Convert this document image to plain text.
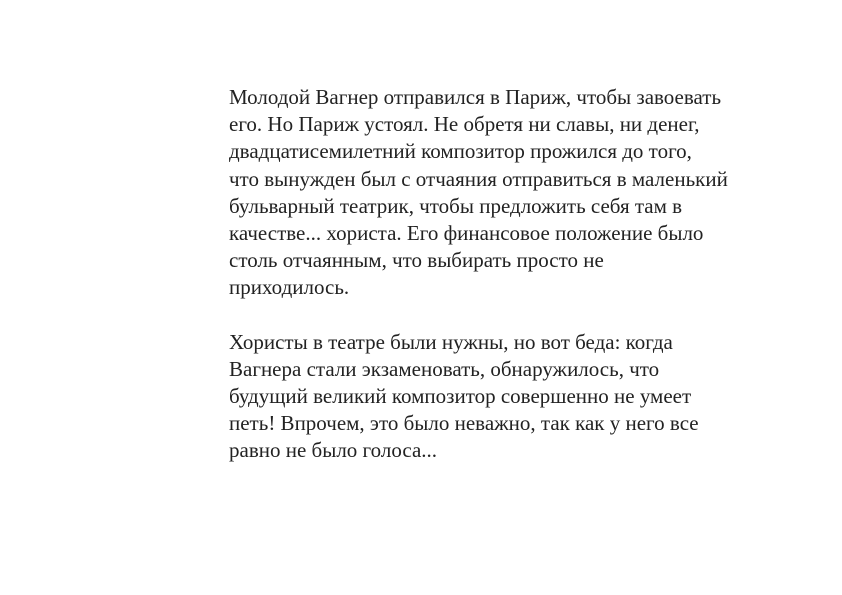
Молодой Вагнер отправился в Париж, чтобы завоевать
его. Но Париж устоял. Не обретя ни славы, ни денег,
двадцатисемилетний композитор прожился до того,
что вынужден был с отчаяния отправиться в маленький
бульварный театрик, чтобы предложить себя там в
качестве... хориста. Его финансовое положение было
столь отчаянным, что выбирать просто не
приходилось.

Хористы в театре были нужны, но вот беда: когда
Вагнера стали экзаменовать, обнаружилось, что
будущий великий композитор совершенно не умеет
петь! Впрочем, это было неважно, так как у него все
равно не было голоса...
